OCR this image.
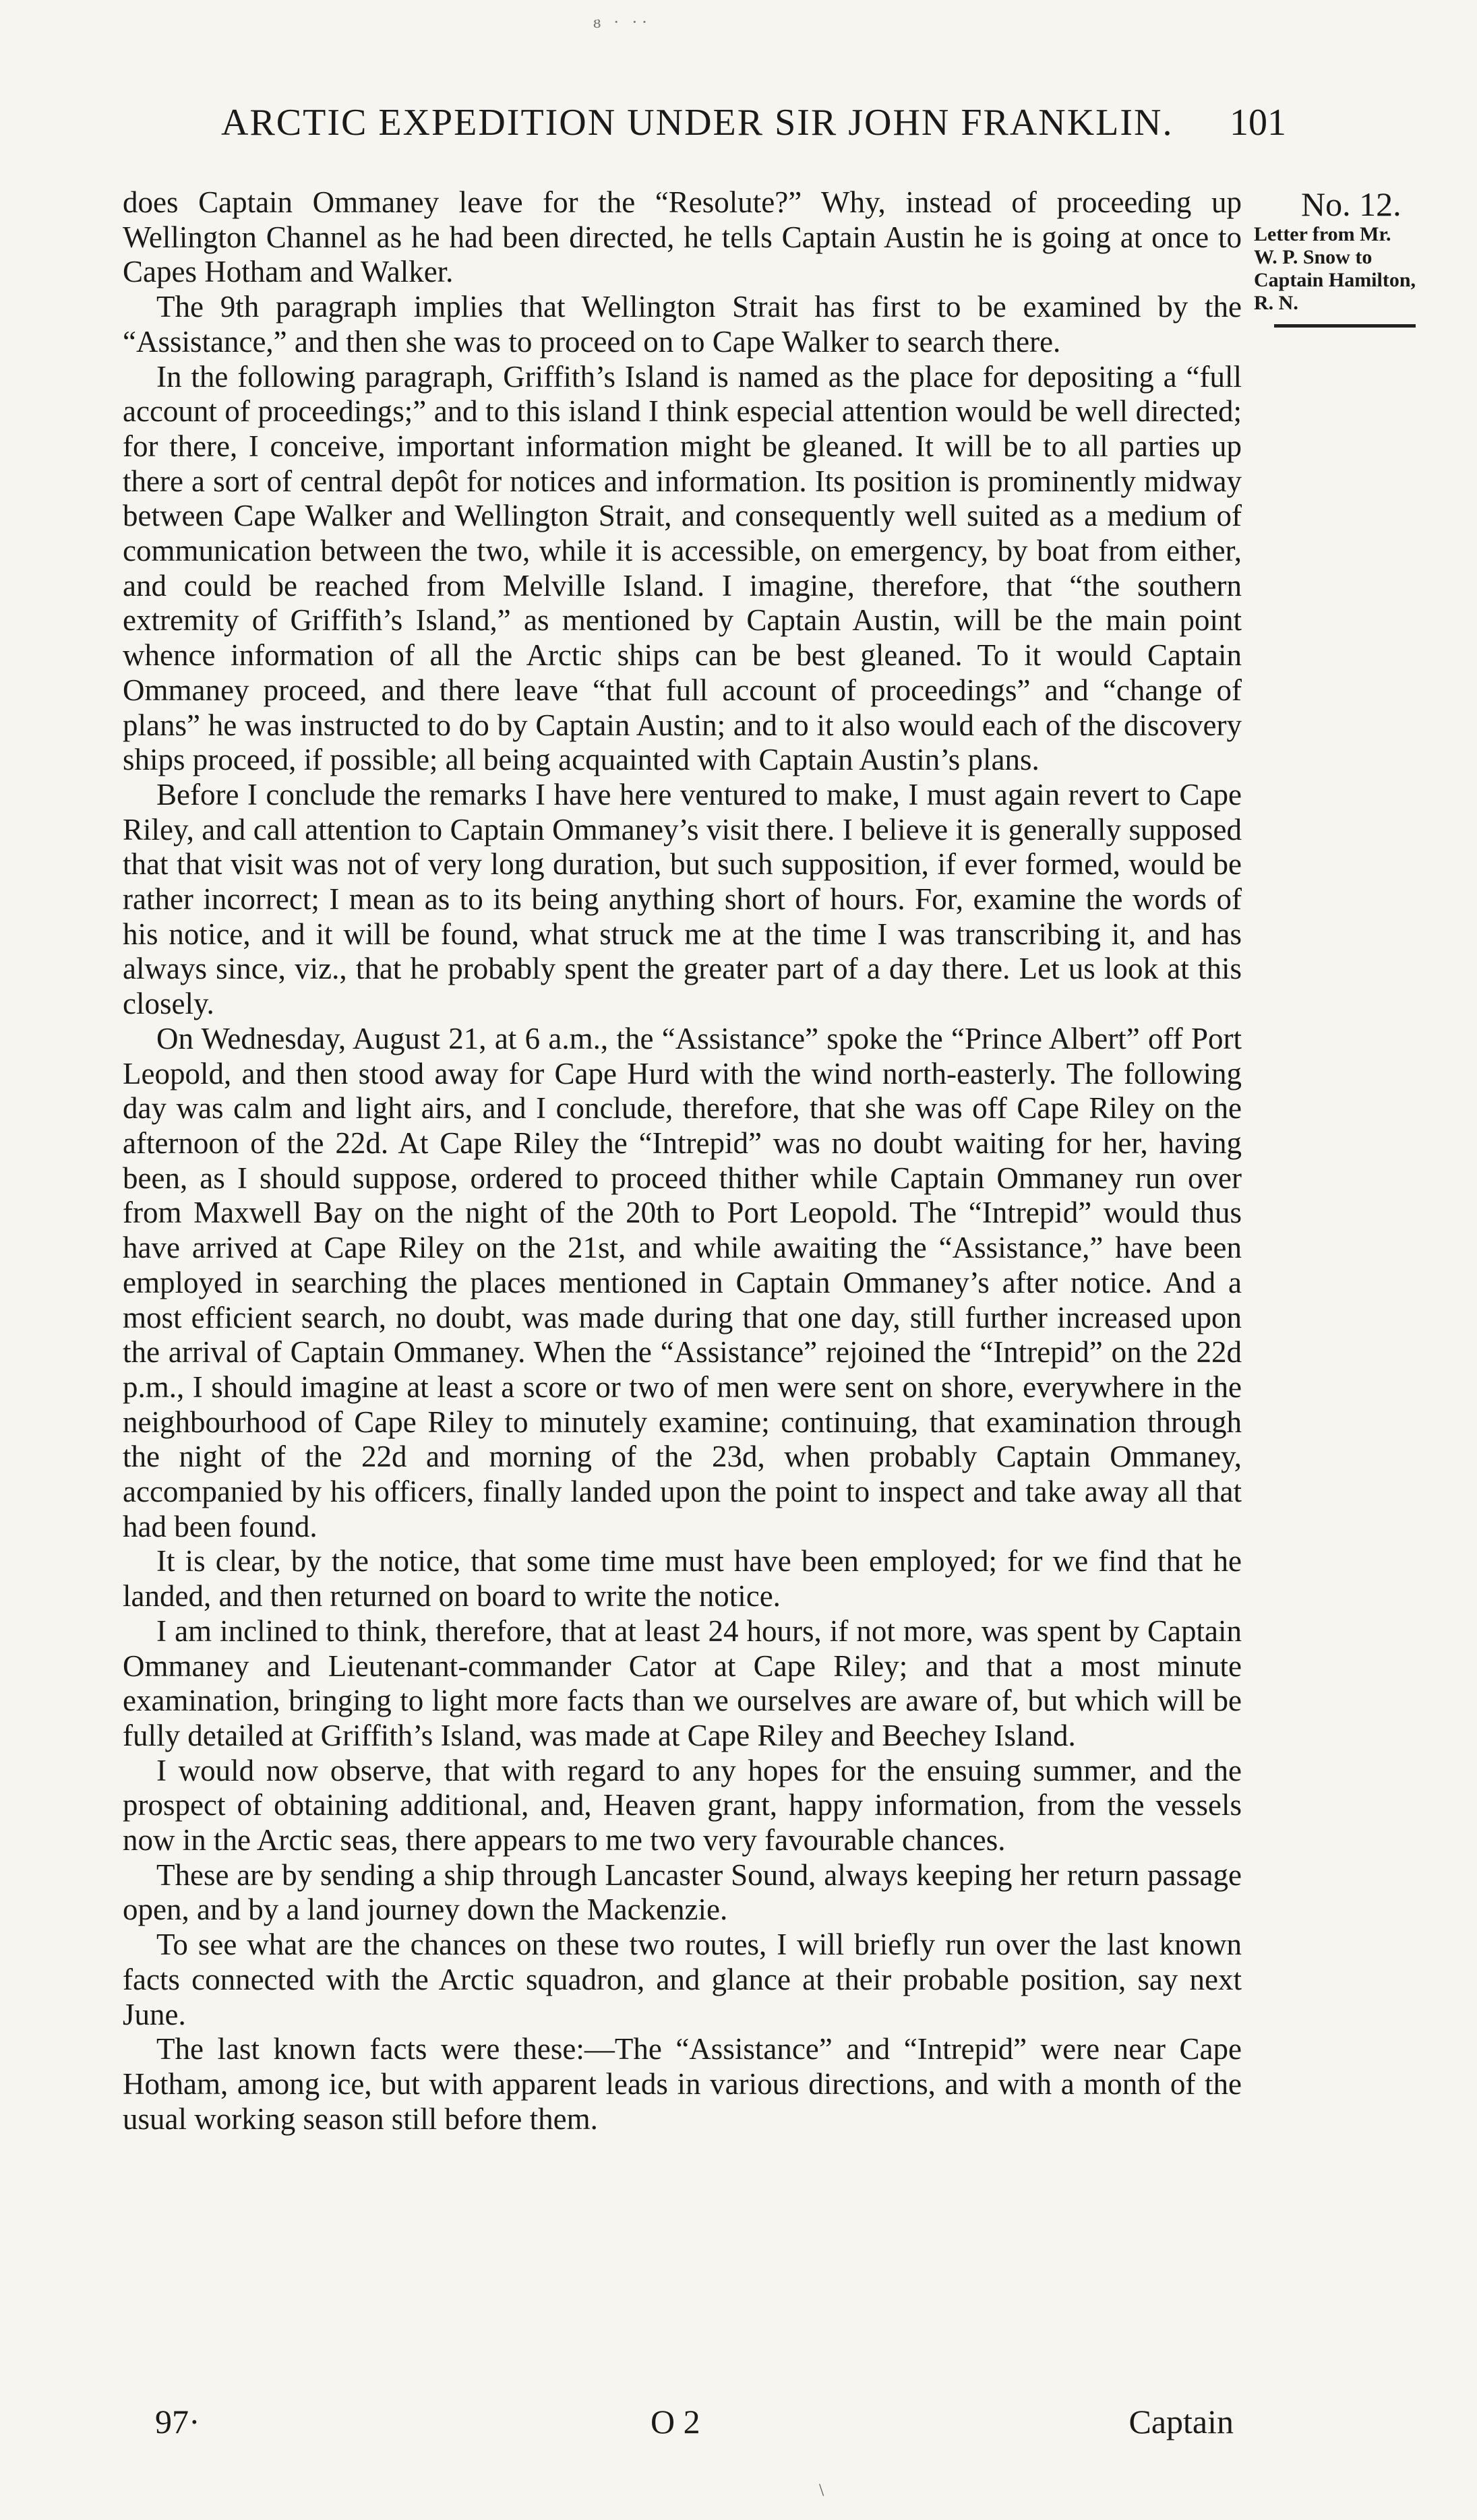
ᴕ · ··
ARCTIC EXPEDITION UNDER SIR JOHN FRANKLIN. 101
No. 12.
Letter from Mr.
W. P. Snow to
Captain Hamilton,
R. N.

does Captain Ommaney leave for the “Resolute?” Why, instead of proceeding up Wellington Channel as he had been directed, he tells Captain Austin he is going at once to Capes Hotham and Walker.

The 9th paragraph implies that Wellington Strait has first to be examined by the “Assistance,” and then she was to proceed on to Cape Walker to search there.

In the following paragraph, Griffith’s Island is named as the place for depositing a “full account of proceedings;” and to this island I think especial attention would be well directed; for there, I conceive, important information might be gleaned. It will be to all parties up there a sort of central depôt for notices and information. Its position is prominently midway between Cape Walker and Wellington Strait, and consequently well suited as a medium of communication between the two, while it is accessible, on emergency, by boat from either, and could be reached from Melville Island. I imagine, therefore, that “the southern extremity of Griffith’s Island,” as mentioned by Captain Austin, will be the main point whence information of all the Arctic ships can be best gleaned. To it would Captain Ommaney proceed, and there leave “that full account of proceedings” and “change of plans” he was instructed to do by Captain Austin; and to it also would each of the discovery ships proceed, if possible; all being acquainted with Captain Austin’s plans.

Before I conclude the remarks I have here ventured to make, I must again revert to Cape Riley, and call attention to Captain Ommaney’s visit there. I believe it is generally supposed that that visit was not of very long duration, but such supposition, if ever formed, would be rather incorrect; I mean as to its being anything short of hours. For, examine the words of his notice, and it will be found, what struck me at the time I was transcribing it, and has always since, viz., that he probably spent the greater part of a day there. Let us look at this closely.

On Wednesday, August 21, at 6 a.m., the “Assistance” spoke the “Prince Albert” off Port Leopold, and then stood away for Cape Hurd with the wind north-easterly. The following day was calm and light airs, and I conclude, therefore, that she was off Cape Riley on the afternoon of the 22d. At Cape Riley the “Intrepid” was no doubt waiting for her, having been, as I should suppose, ordered to proceed thither while Captain Ommaney run over from Maxwell Bay on the night of the 20th to Port Leopold. The “Intrepid” would thus have arrived at Cape Riley on the 21st, and while awaiting the “Assistance,” have been employed in searching the places mentioned in Captain Ommaney’s after notice. And a most efficient search, no doubt, was made during that one day, still further increased upon the arrival of Captain Ommaney. When the “Assistance” rejoined the “Intrepid” on the 22d p.m., I should imagine at least a score or two of men were sent on shore, everywhere in the neighbourhood of Cape Riley to minutely examine; continuing, that examination through the night of the 22d and morning of the 23d, when probably Captain Ommaney, accompanied by his officers, finally landed upon the point to inspect and take away all that had been found.

It is clear, by the notice, that some time must have been employed; for we find that he landed, and then returned on board to write the notice.

I am inclined to think, therefore, that at least 24 hours, if not more, was spent by Captain Ommaney and Lieutenant-commander Cator at Cape Riley; and that a most minute examination, bringing to light more facts than we ourselves are aware of, but which will be fully detailed at Griffith’s Island, was made at Cape Riley and Beechey Island.

I would now observe, that with regard to any hopes for the ensuing summer, and the prospect of obtaining additional, and, Heaven grant, happy information, from the vessels now in the Arctic seas, there appears to me two very favourable chances.

These are by sending a ship through Lancaster Sound, always keeping her return passage open, and by a land journey down the Mackenzie.

To see what are the chances on these two routes, I will briefly run over the last known facts connected with the Arctic squadron, and glance at their probable position, say next June.

The last known facts were these:—The “Assistance” and “Intrepid” were near Cape Hotham, among ice, but with apparent leads in various directions, and with a month of the usual working season still before them.

97·	O 2	Captain
\
